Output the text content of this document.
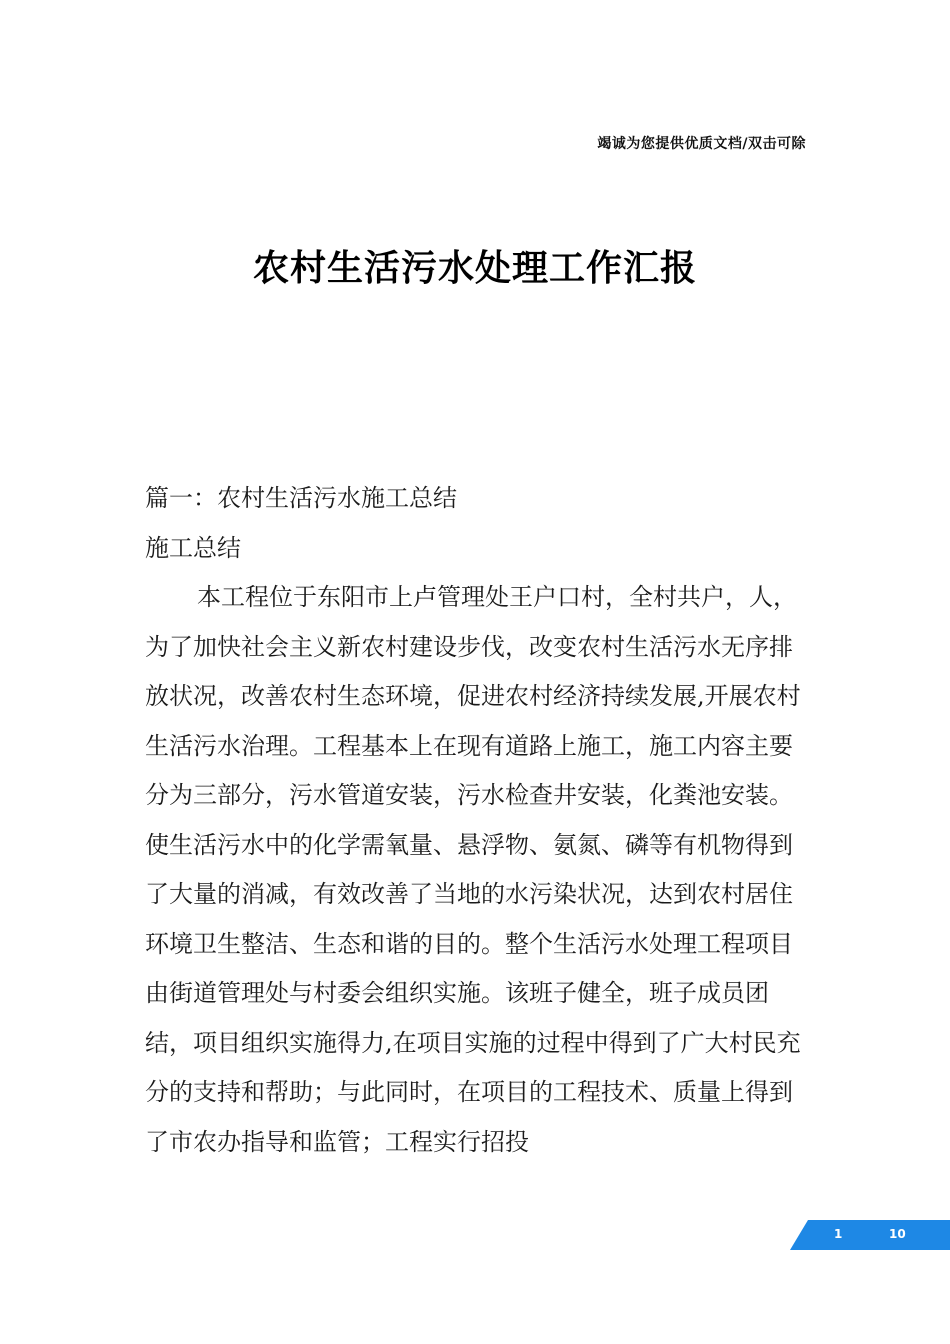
竭诚为您提供优质文档/双击可除
农村生活污水处理工作汇报

篇一：农村生活污水施工总结

施工总结

本工程位于东阳市上卢管理处王户口村，全村共户，人，为了加快社会主义新农村建设步伐，改变农村生活污水无序排放状况，改善农村生态环境，促进农村经济持续发展,开展农村生活污水治理。工程基本上在现有道路上施工，施工内容主要分为三部分，污水管道安装，污水检查井安装，化粪池安装。使生活污水中的化学需氧量、悬浮物、氨氮、磷等有机物得到了大量的消减，有效改善了当地的水污染状况，达到农村居住环境卫生整洁、生态和谐的目的。整个生活污水处理工程项目由街道管理处与村委会组织实施。该班子健全，班子成员团结，项目组织实施得力,在项目实施的过程中得到了广大村民充分的支持和帮助；与此同时，在项目的工程技术、质量上得到了市农办指导和监管；工程实行招投

1	10
